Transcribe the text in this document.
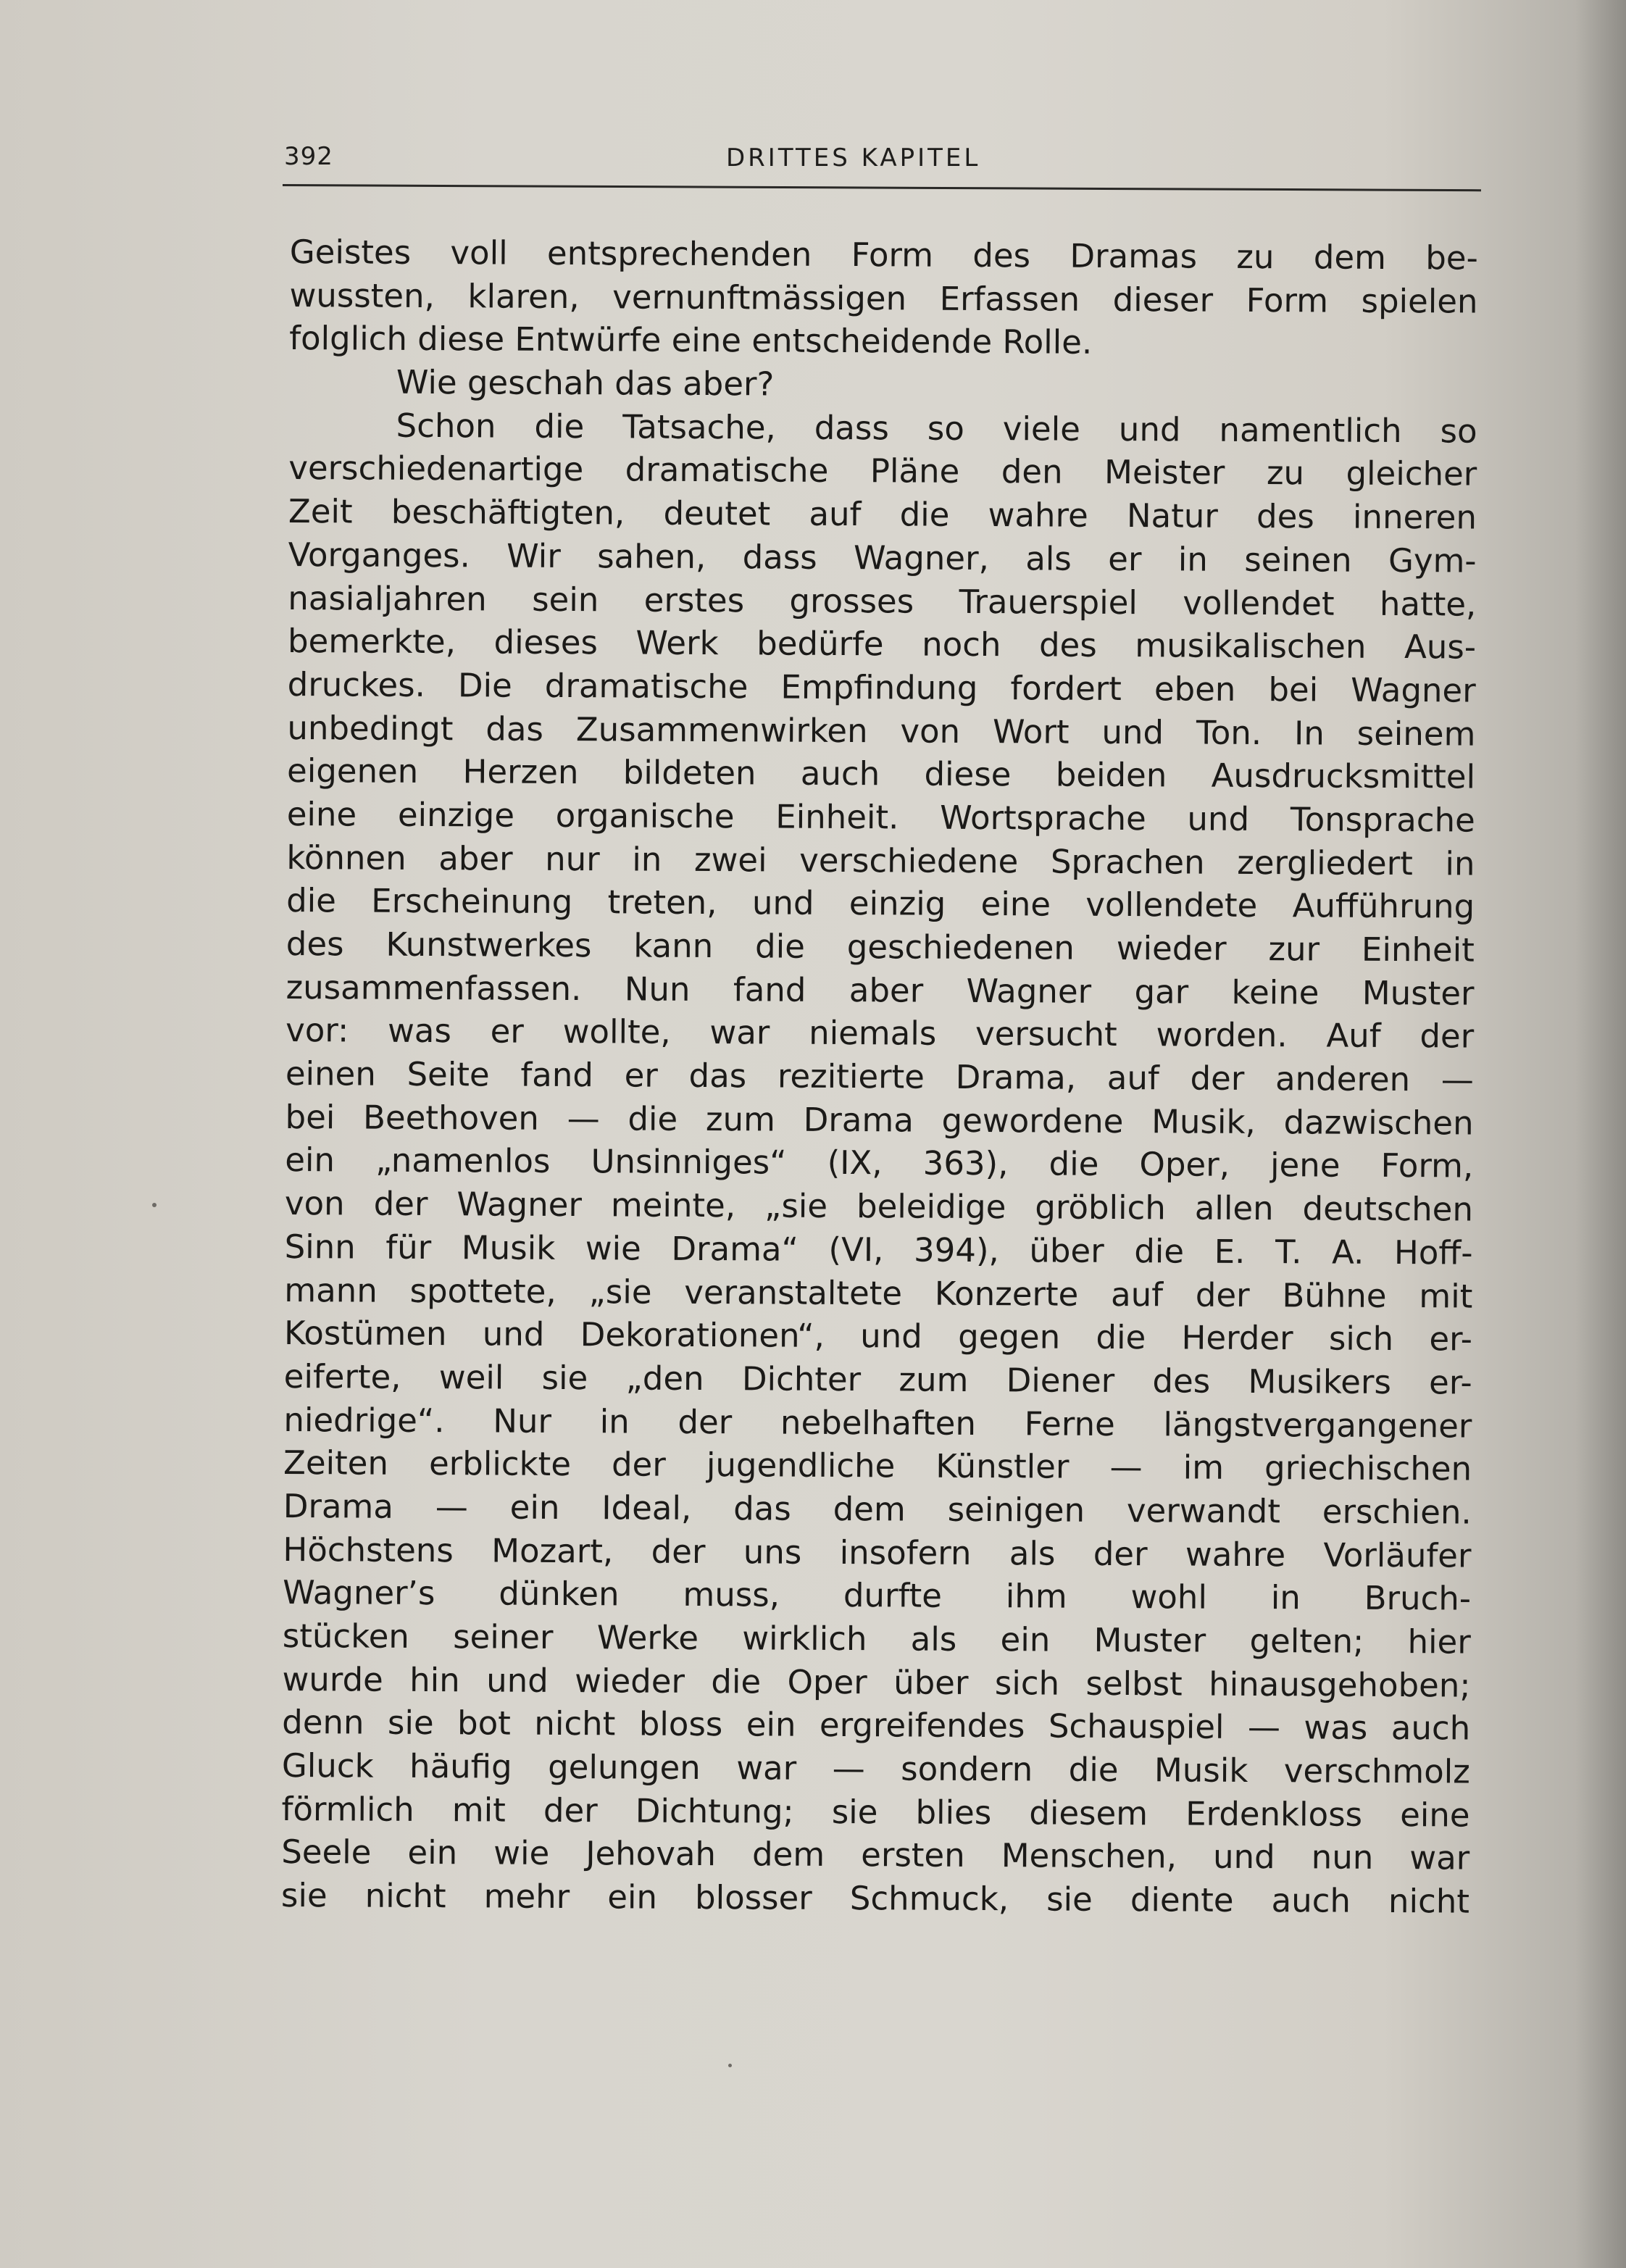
392	DRITTES KAPITEL
Geistes voll entsprechenden Form des Dramas zu dem be-
wussten, klaren, vernunftmässigen Erfassen dieser Form spielen
folglich diese Entwürfe eine entscheidende Rolle.
Wie geschah das aber?
Schon die Tatsache, dass so viele und namentlich so
verschiedenartige dramatische Pläne den Meister zu gleicher
Zeit beschäftigten, deutet auf die wahre Natur des inneren
Vorganges. Wir sahen, dass Wagner, als er in seinen Gym-
nasialjahren sein erstes grosses Trauerspiel vollendet hatte,
bemerkte, dieses Werk bedürfe noch des musikalischen Aus-
druckes. Die dramatische Empfindung fordert eben bei Wagner
unbedingt das Zusammenwirken von Wort und Ton. In seinem
eigenen Herzen bildeten auch diese beiden Ausdrucksmittel
eine einzige organische Einheit. Wortsprache und Tonsprache
können aber nur in zwei verschiedene Sprachen zergliedert in
die Erscheinung treten, und einzig eine vollendete Aufführung
des Kunstwerkes kann die geschiedenen wieder zur Einheit
zusammenfassen. Nun fand aber Wagner gar keine Muster
vor: was er wollte, war niemals versucht worden. Auf der
einen Seite fand er das rezitierte Drama, auf der anderen —
bei Beethoven — die zum Drama gewordene Musik, dazwischen
ein „namenlos Unsinniges“ (IX, 363), die Oper, jene Form,
von der Wagner meinte, „sie beleidige gröblich allen deutschen
Sinn für Musik wie Drama“ (VI, 394), über die E. T. A. Hoff-
mann spottete, „sie veranstaltete Konzerte auf der Bühne mit
Kostümen und Dekorationen“, und gegen die Herder sich er-
eiferte, weil sie „den Dichter zum Diener des Musikers er-
niedrige“. Nur in der nebelhaften Ferne längstvergangener
Zeiten erblickte der jugendliche Künstler — im griechischen
Drama — ein Ideal, das dem seinigen verwandt erschien.
Höchstens Mozart, der uns insofern als der wahre Vorläufer
Wagner’s dünken muss, durfte ihm wohl in Bruch-
stücken seiner Werke wirklich als ein Muster gelten; hier
wurde hin und wieder die Oper über sich selbst hinausgehoben;
denn sie bot nicht bloss ein ergreifendes Schauspiel — was auch
Gluck häufig gelungen war — sondern die Musik verschmolz
förmlich mit der Dichtung; sie blies diesem Erdenkloss eine
Seele ein wie Jehovah dem ersten Menschen, und nun war
sie nicht mehr ein blosser Schmuck, sie diente auch nicht
